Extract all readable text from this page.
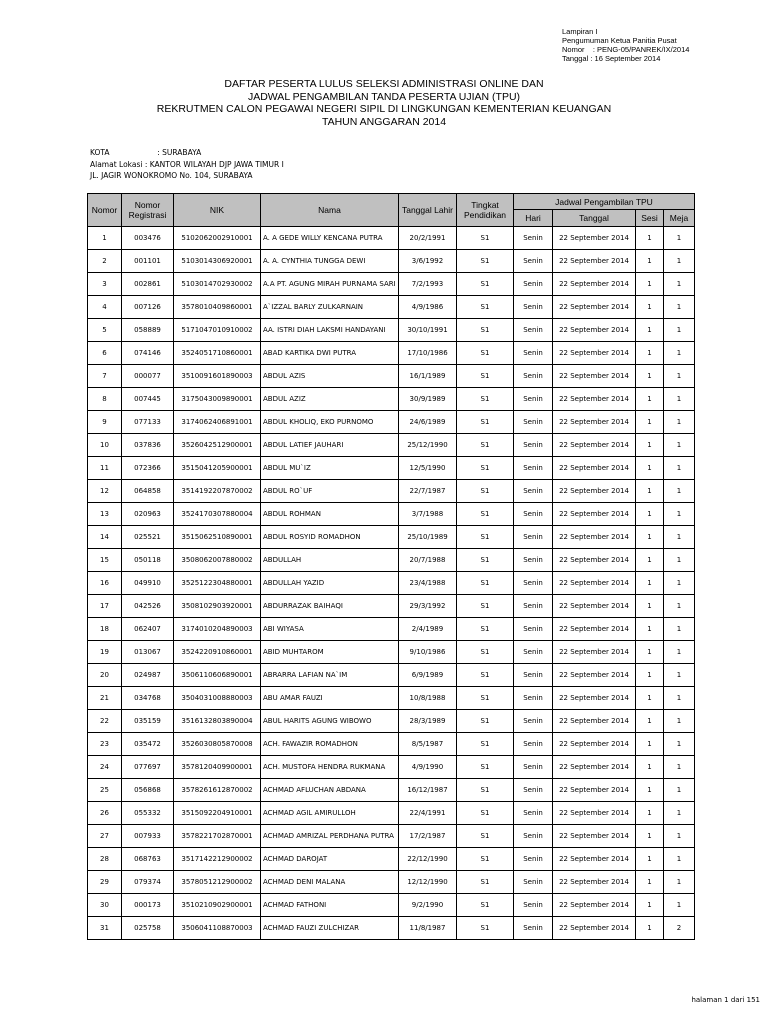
Lampiran I
Pengumuman Ketua Panitia Pusat
Nomor    : PENG-05/PANREK/IX/2014
Tanggal : 16 September 2014
DAFTAR PESERTA LULUS SELEKSI ADMINISTRASI ONLINE DAN
JADWAL PENGAMBILAN TANDA PESERTA UJIAN (TPU)
REKRUTMEN CALON PEGAWAI NEGERI SIPIL DI LINGKUNGAN KEMENTERIAN KEUANGAN
TAHUN ANGGARAN 2014
KOTA                    : SURABAYA
Alamat Lokasi : KANTOR WILAYAH DJP JAWA TIMUR I
JL. JAGIR WONOKROMO No. 104, SURABAYA
Nomor	Nomor Registrasi	NIK	Nama	Tanggal Lahir	Tingkat Pendidikan	Jadwal Pengambilan TPU			
						Hari	Tanggal	Sesi	Meja
1	003476	5102062002910001	A. A GEDE WILLY KENCANA PUTRA	20/2/1991	S1	Senin	22 September 2014	1	1
2	001101	5103014306920001	A. A. CYNTHIA TUNGGA DEWI	3/6/1992	S1	Senin	22 September 2014	1	1
3	002861	5103014702930002	A.A PT. AGUNG MIRAH PURNAMA SARI	7/2/1993	S1	Senin	22 September 2014	1	1
4	007126	3578010409860001	A`IZZAL BARLY ZULKARNAIN	4/9/1986	S1	Senin	22 September 2014	1	1
5	058889	5171047010910002	AA. ISTRI DIAH LAKSMI HANDAYANI	30/10/1991	S1	Senin	22 September 2014	1	1
6	074146	3524051710860001	ABAD KARTIKA DWI PUTRA	17/10/1986	S1	Senin	22 September 2014	1	1
7	000077	3510091601890003	ABDUL AZIS	16/1/1989	S1	Senin	22 September 2014	1	1
8	007445	3175043009890001	ABDUL AZIZ	30/9/1989	S1	Senin	22 September 2014	1	1
9	077133	3174062406891001	ABDUL KHOLIQ, EKO PURNOMO	24/6/1989	S1	Senin	22 September 2014	1	1
10	037836	3526042512900001	ABDUL LATIEF JAUHARI	25/12/1990	S1	Senin	22 September 2014	1	1
11	072366	3515041205900001	ABDUL MU`IZ	12/5/1990	S1	Senin	22 September 2014	1	1
12	064858	3514192207870002	ABDUL RO`UF	22/7/1987	S1	Senin	22 September 2014	1	1
13	020963	3524170307880004	ABDUL ROHMAN	3/7/1988	S1	Senin	22 September 2014	1	1
14	025521	3515062510890001	ABDUL ROSYID ROMADHON	25/10/1989	S1	Senin	22 September 2014	1	1
15	050118	3508062007880002	ABDULLAH	20/7/1988	S1	Senin	22 September 2014	1	1
16	049910	3525122304880001	ABDULLAH YAZID	23/4/1988	S1	Senin	22 September 2014	1	1
17	042526	3508102903920001	ABDURRAZAK BAIHAQI	29/3/1992	S1	Senin	22 September 2014	1	1
18	062407	3174010204890003	ABI WIYASA	2/4/1989	S1	Senin	22 September 2014	1	1
19	013067	3524220910860001	ABID MUHTAROM	9/10/1986	S1	Senin	22 September 2014	1	1
20	024987	3506110606890001	ABRARRA LAFIAN NA`IM	6/9/1989	S1	Senin	22 September 2014	1	1
21	034768	3504031008880003	ABU AMAR FAUZI	10/8/1988	S1	Senin	22 September 2014	1	1
22	035159	3516132803890004	ABUL HARITS AGUNG WIBOWO	28/3/1989	S1	Senin	22 September 2014	1	1
23	035472	3526030805870008	ACH. FAWAZIR ROMADHON	8/5/1987	S1	Senin	22 September 2014	1	1
24	077697	3578120409900001	ACH. MUSTOFA HENDRA RUKMANA	4/9/1990	S1	Senin	22 September 2014	1	1
25	056868	3578261612870002	ACHMAD AFLUCHAN ABDANA	16/12/1987	S1	Senin	22 September 2014	1	1
26	055332	3515092204910001	ACHMAD AGIL AMIRULLOH	22/4/1991	S1	Senin	22 September 2014	1	1
27	007933	3578221702870001	ACHMAD AMRIZAL PERDHANA PUTRA	17/2/1987	S1	Senin	22 September 2014	1	1
28	068763	3517142212900002	ACHMAD DAROJAT	22/12/1990	S1	Senin	22 September 2014	1	1
29	079374	3578051212900002	ACHMAD DENI MALANA	12/12/1990	S1	Senin	22 September 2014	1	1
30	000173	3510210902900001	ACHMAD FATHONI	9/2/1990	S1	Senin	22 September 2014	1	1
31	025758	3506041108870003	ACHMAD FAUZI ZULCHIZAR	11/8/1987	S1	Senin	22 September 2014	1	2
halaman 1 dari 151
